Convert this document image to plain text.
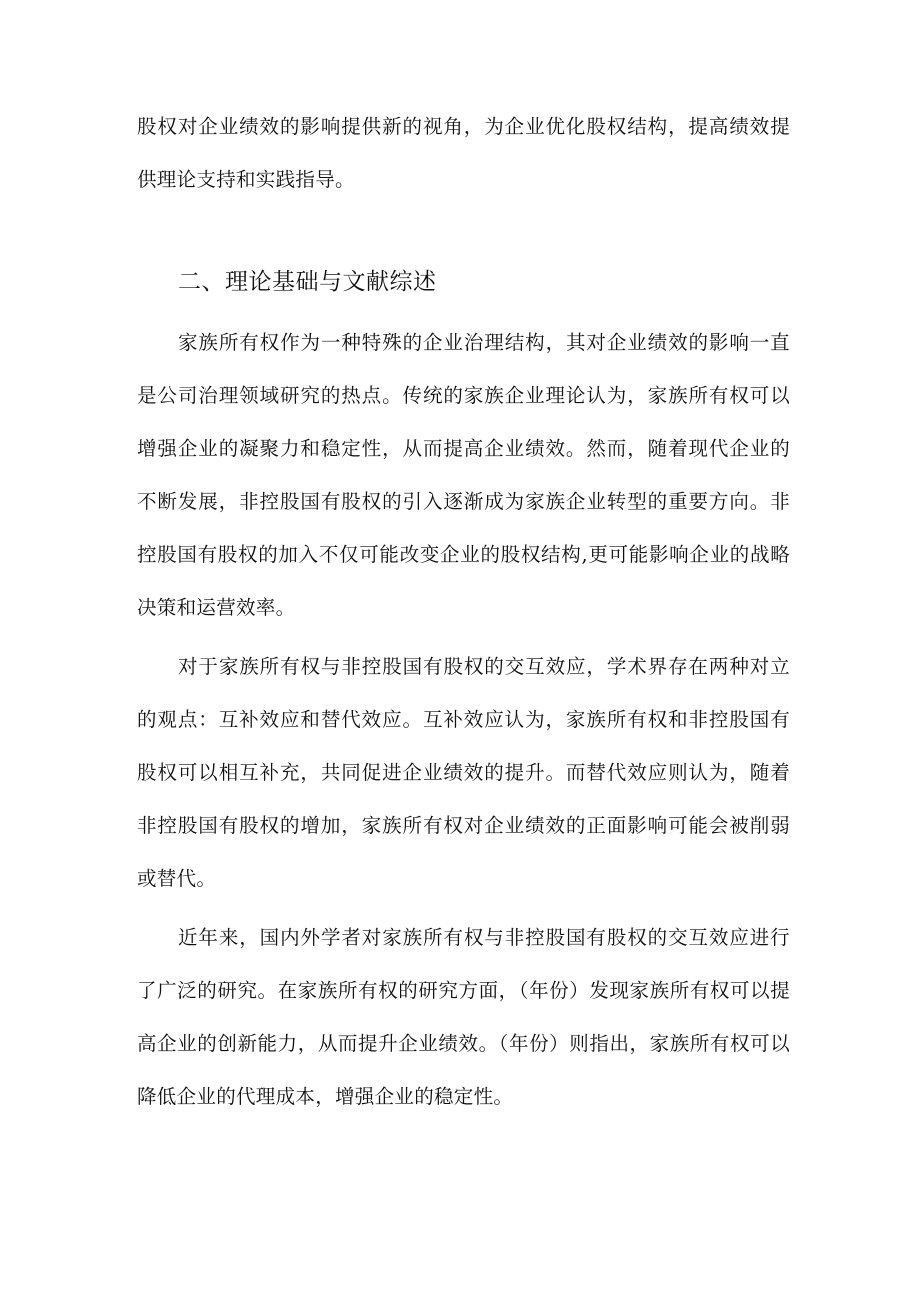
股权对企业绩效的影响提供新的视角，为企业优化股权结构，提高绩效提供理论支持和实践指导。

二、理论基础与文献综述

家族所有权作为一种特殊的企业治理结构，其对企业绩效的影响一直是公司治理领域研究的热点。传统的家族企业理论认为，家族所有权可以增强企业的凝聚力和稳定性，从而提高企业绩效。然而，随着现代企业的不断发展，非控股国有股权的引入逐渐成为家族企业转型的重要方向。非控股国有股权的加入不仅可能改变企业的股权结构,更可能影响企业的战略决策和运营效率。

对于家族所有权与非控股国有股权的交互效应，学术界存在两种对立的观点：互补效应和替代效应。互补效应认为，家族所有权和非控股国有股权可以相互补充，共同促进企业绩效的提升。而替代效应则认为，随着非控股国有股权的增加，家族所有权对企业绩效的正面影响可能会被削弱或替代。

近年来，国内外学者对家族所有权与非控股国有股权的交互效应进行了广泛的研究。在家族所有权的研究方面，（年份）发现家族所有权可以提高企业的创新能力，从而提升企业绩效。（年份）则指出，家族所有权可以降低企业的代理成本，增强企业的稳定性。
